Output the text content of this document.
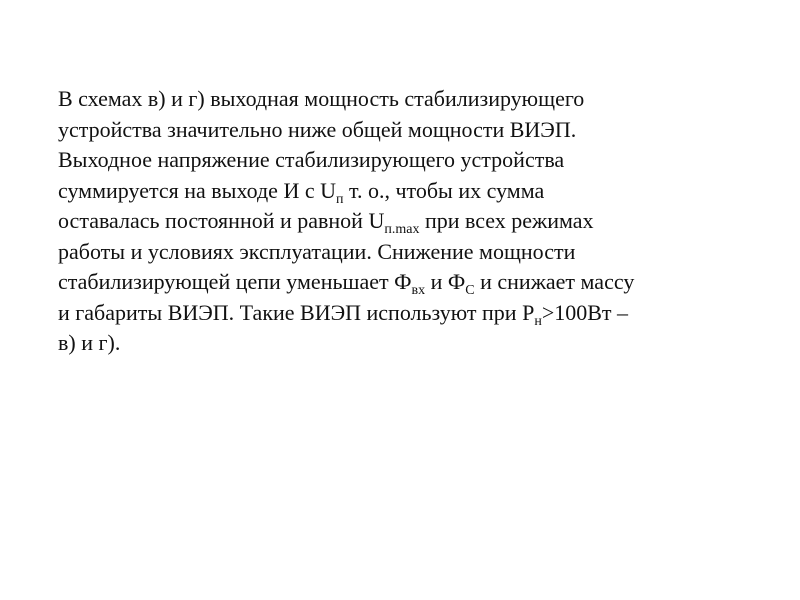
В схемах в) и г) выходная мощность стабилизирующего
устройства значительно ниже общей мощности ВИЭП.
Выходное напряжение стабилизирующего устройства
суммируется на выходе И с $U_п$ т. о., чтобы их сумма
оставалась постоянной и равной $U_{п.max}$ при всех режимах
работы и условиях эксплуатации. Снижение мощности
стабилизирующей цепи уменьшает $Ф_{вх}$ и $Ф_С$ и снижает массу
и габариты ВИЭП. Такие ВИЭП используют при $Р_н>100Вт$ –
в) и г).
